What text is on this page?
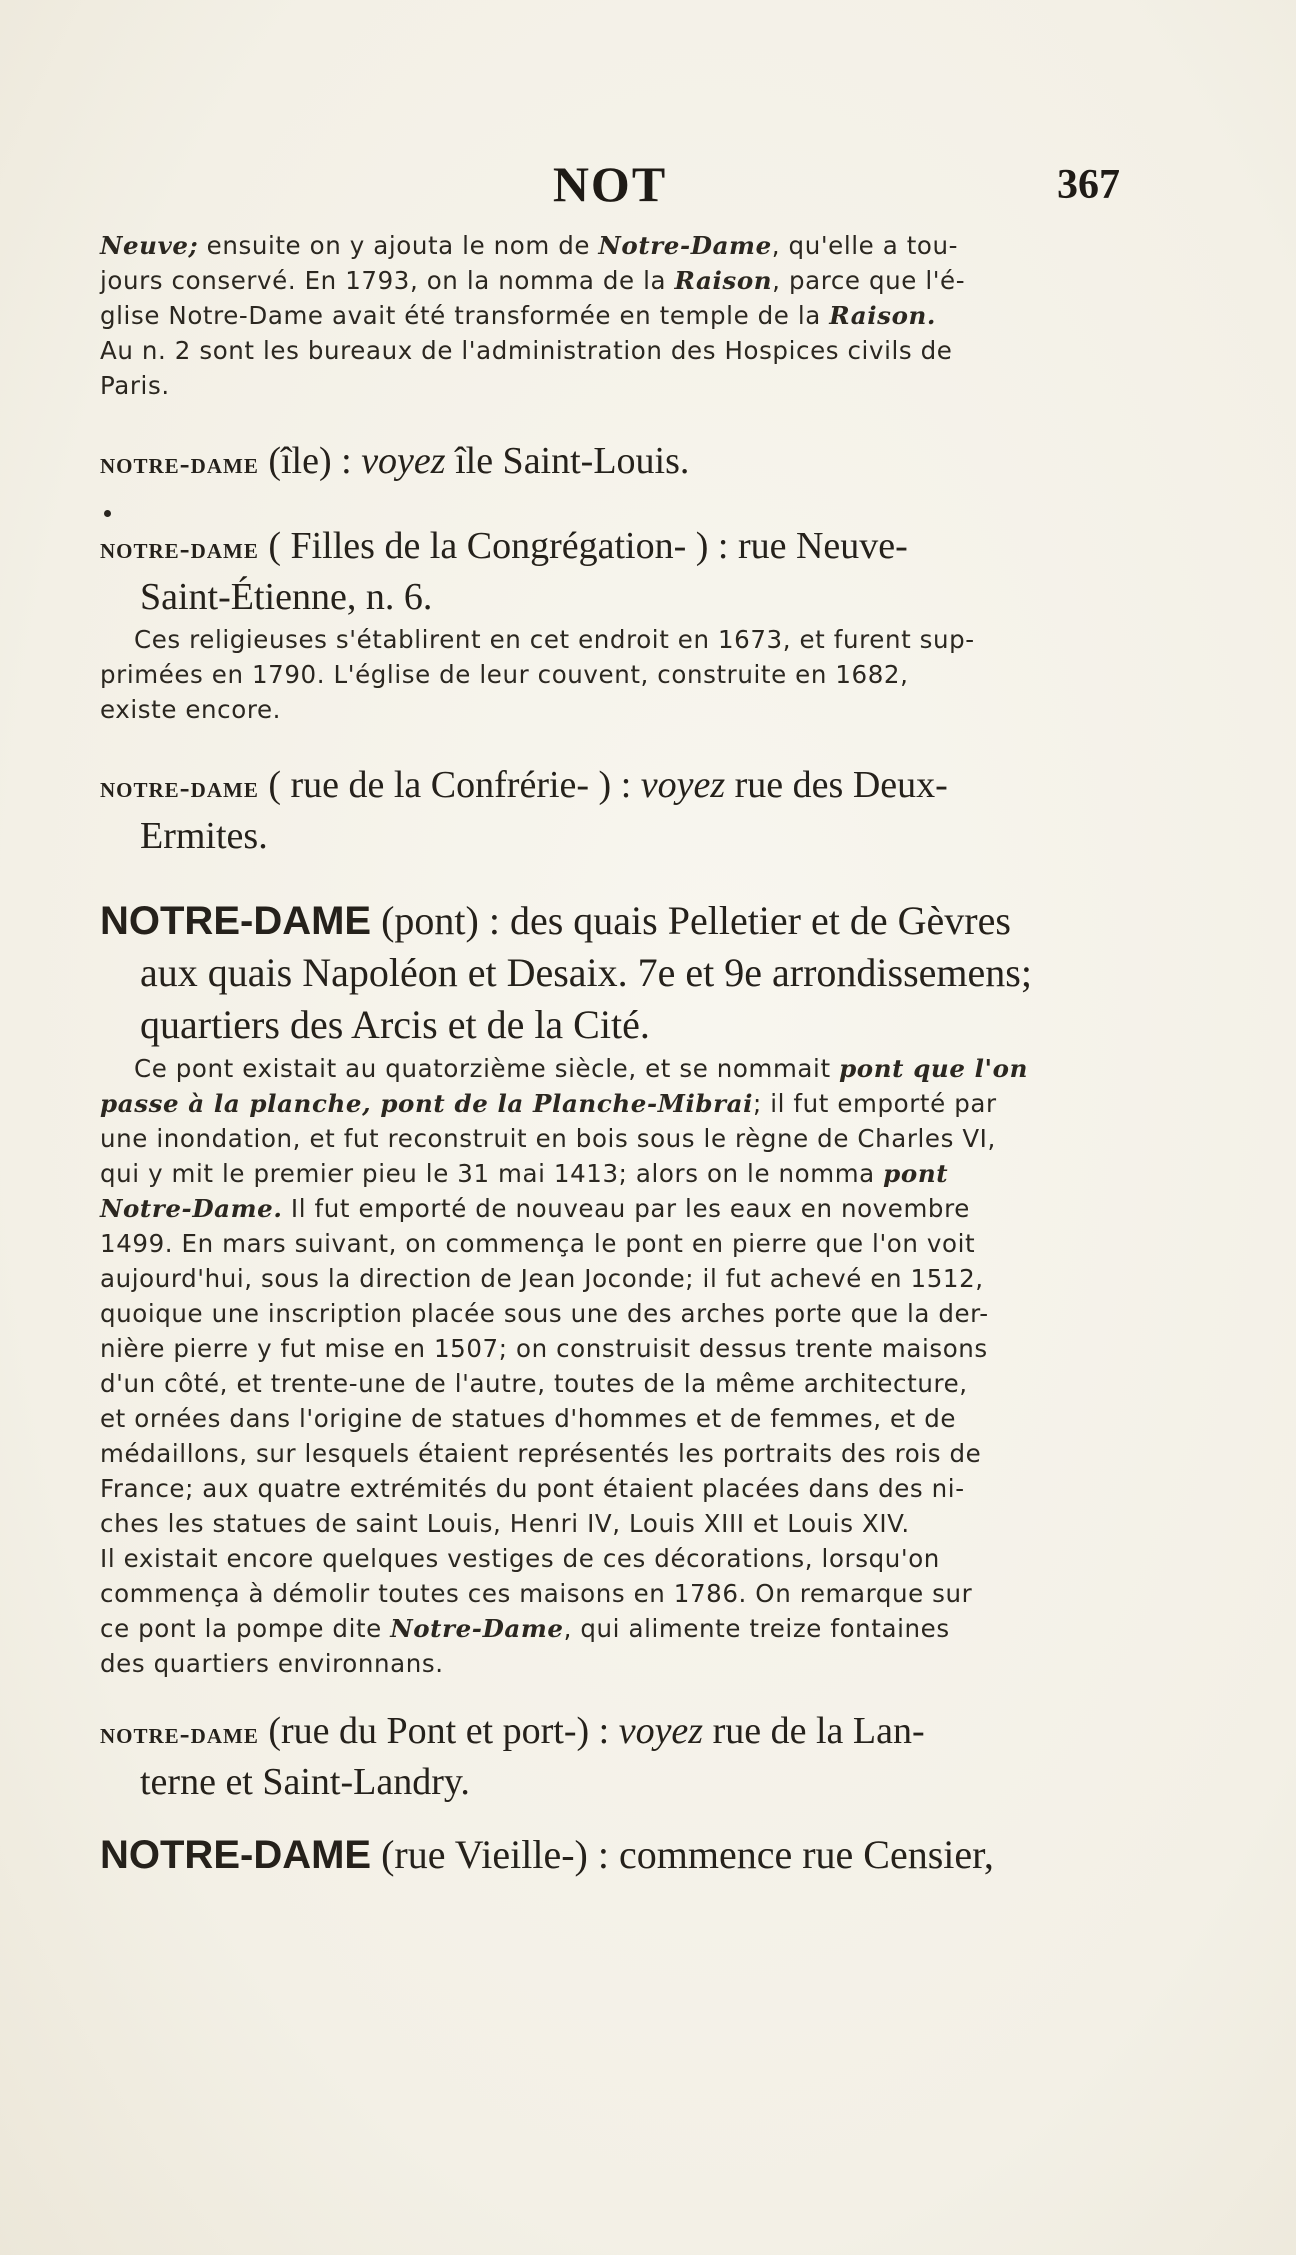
NOT	367

Neuve; ensuite on y ajouta le nom de Notre-Dame, qu'elle a tou-
jours conservé. En 1793, on la nomma de la Raison, parce que l'é-
glise Notre-Dame avait été transformée en temple de la Raison.
Au n. 2 sont les bureaux de l'administration des Hospices civils de
Paris.

notre-dame (île) : voyez île Saint-Louis.

notre-dame ( Filles de la Congrégation- ) : rue Neuve-
Saint-Étienne, n. 6.

Ces religieuses s'établirent en cet endroit en 1673, et furent sup-
primées en 1790. L'église de leur couvent, construite en 1682,
existe encore.

notre-dame ( rue de la Confrérie- ) : voyez rue des Deux-
Ermites.

NOTRE-DAME (pont) : des quais Pelletier et de Gèvres
aux quais Napoléon et Desaix. 7e et 9e arrondissemens;
quartiers des Arcis et de la Cité.

Ce pont existait au quatorzième siècle, et se nommait pont que l'on
passe à la planche, pont de la Planche-Mibrai; il fut emporté par
une inondation, et fut reconstruit en bois sous le règne de Charles VI,
qui y mit le premier pieu le 31 mai 1413; alors on le nomma pont
Notre-Dame. Il fut emporté de nouveau par les eaux en novembre
1499. En mars suivant, on commença le pont en pierre que l'on voit
aujourd'hui, sous la direction de Jean Joconde; il fut achevé en 1512,
quoique une inscription placée sous une des arches porte que la der-
nière pierre y fut mise en 1507; on construisit dessus trente maisons
d'un côté, et trente-une de l'autre, toutes de la même architecture,
et ornées dans l'origine de statues d'hommes et de femmes, et de
médaillons, sur lesquels étaient représentés les portraits des rois de
France; aux quatre extrémités du pont étaient placées dans des ni-
ches les statues de saint Louis, Henri IV, Louis XIII et Louis XIV.
Il existait encore quelques vestiges de ces décorations, lorsqu'on
commença à démolir toutes ces maisons en 1786. On remarque sur
ce pont la pompe dite Notre-Dame, qui alimente treize fontaines
des quartiers environnans.

notre-dame (rue du Pont et port-) : voyez rue de la Lan-
terne et Saint-Landry.

NOTRE-DAME (rue Vieille-) : commence rue Censier,
